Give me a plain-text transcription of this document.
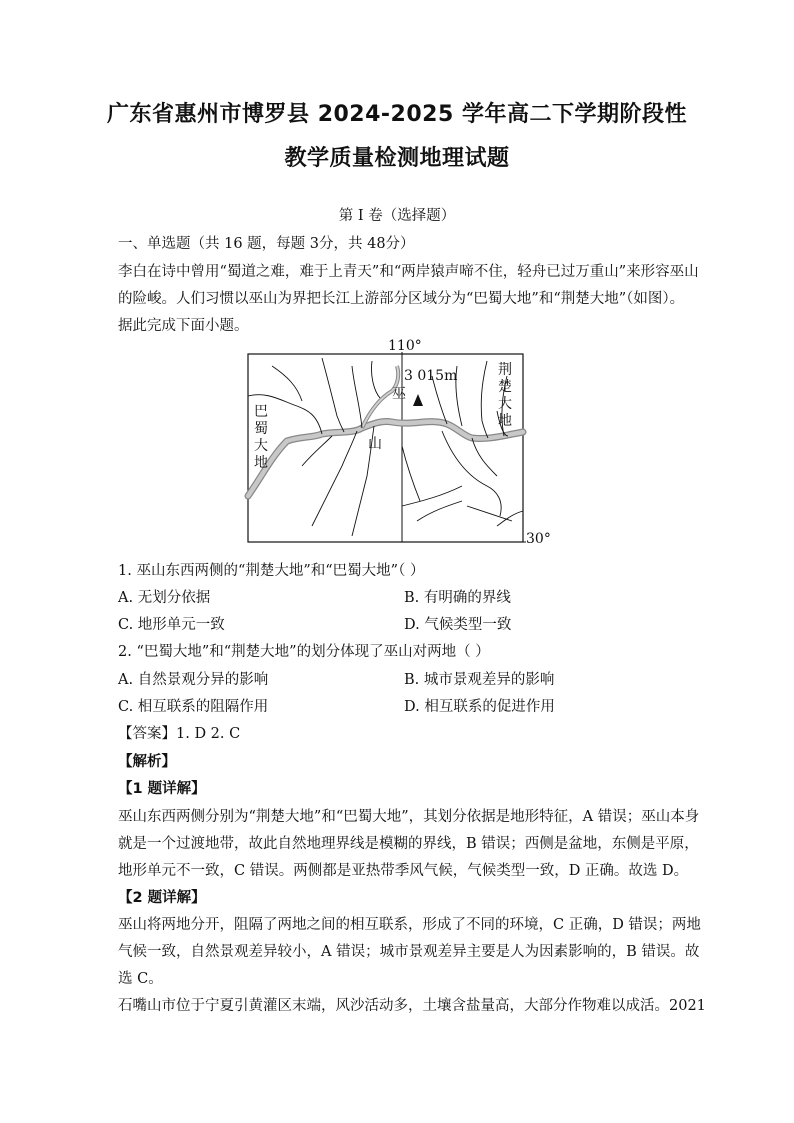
广东省惠州市博罗县 2024-2025 学年高二下学期阶段性
教学质量检测地理试题
第 I 卷（选择题）
一、单选题（共 16 题，每题 3分，共 48分）
李白在诗中曾用“蜀道之难，难于上青天”和“两岸猿声啼不住，轻舟已过万重山”来形容巫山
的险峻。人们习惯以巫山为界把长江上游部分区域分为“巴蜀大地”和“荆楚大地”（如图）。
据此完成下面小题。
110°
30°
3 015m
巫
山
巴
蜀
大
地
荆
楚
大
地
1. 巫山东西两侧的“荆楚大地”和“巴蜀大地”（ ）
A. 无划分依据	B. 有明确的界线
C. 地形单元一致	D. 气候类型一致
2. “巴蜀大地”和“荆楚大地”的划分体现了巫山对两地（ ）
A. 自然景观分异的影响	B. 城市景观差异的影响
C. 相互联系的阻隔作用	D. 相互联系的促进作用
【答案】1. D 2. C
【解析】
【1 题详解】
巫山东西两侧分别为“荆楚大地”和“巴蜀大地”，其划分依据是地形特征，A 错误；巫山本身
就是一个过渡地带，故此自然地理界线是模糊的界线，B 错误；西侧是盆地，东侧是平原，
地形单元不一致，C 错误。两侧都是亚热带季风气候，气候类型一致，D 正确。故选 D。
【2 题详解】
巫山将两地分开，阻隔了两地之间的相互联系，形成了不同的环境，C 正确，D 错误；两地
气候一致，自然景观差异较小，A 错误；城市景观差异主要是人为因素影响的，B 错误。故
选 C。
石嘴山市位于宁夏引黄灌区末端，风沙活动多，土壤含盐量高，大部分作物难以成活。2021
